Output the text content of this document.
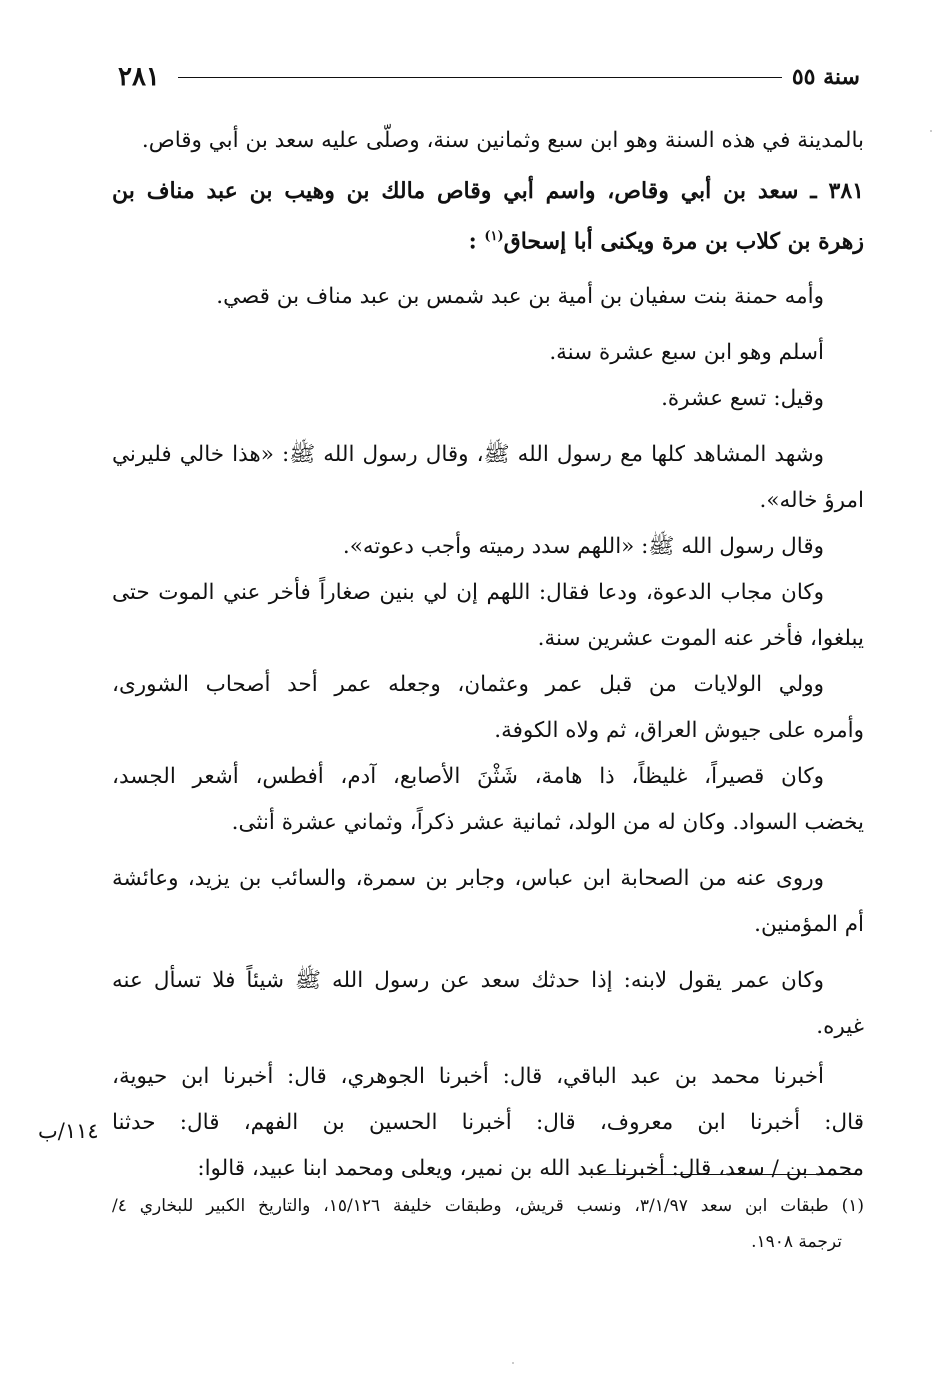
٢٨١	سنة ٥٥
بالمدينة في هذه السنة وهو ابن سبع وثمانين سنة، وصلّى عليه سعد بن أبي وقاص.
٣٨١ ـ سعد بن أبي وقاص، واسم أبي وقاص مالك بن وهيب بن عبد مناف بن
زهرة بن كلاب بن مرة ويكنى أبا إسحاق$^{(١)}$ :
وأمه حمنة بنت سفيان بن أمية بن عبد شمس بن عبد مناف بن قصي.
أسلم وهو ابن سبع عشرة سنة.
وقيل: تسع عشرة.
وشهد المشاهد كلها مع رسول الله ﷺ، وقال رسول الله ﷺ: «هذا خالي فليرني
امرؤ خاله».
وقال رسول الله ﷺ: «اللهم سدد رميته وأجب دعوته».
وكان مجاب الدعوة، ودعا فقال: اللهم إن لي بنين صغاراً فأخر عني الموت حتى
يبلغوا، فأخر عنه الموت عشرين سنة.
وولي الولايات من قبل عمر وعثمان، وجعله عمر أحد أصحاب الشورى،
وأمره على جيوش العراق، ثم ولاه الكوفة.
وكان قصيراً، غليظاً، ذا هامة، شَثْنَ الأصابع، آدم، أفطس، أشعر الجسد،
يخضب السواد. وكان له من الولد، ثمانية عشر ذكراً، وثماني عشرة أنثى.
وروى عنه من الصحابة ابن عباس، وجابر بن سمرة، والسائب بن يزيد، وعائشة
أم المؤمنين.
وكان عمر يقول لابنه: إذا حدثك سعد عن رسول الله ﷺ شيئاً فلا تسأل عنه
غيره.
أخبرنا محمد بن عبد الباقي، قال: أخبرنا الجوهري، قال: أخبرنا ابن حيوية،
قال: أخبرنا ابن معروف، قال: أخبرنا الحسين بن الفهم، قال: حدثنا
محمد بن / سعد، قال: أخبرنا عبد الله بن نمير، ويعلى ومحمد ابنا عبيد، قالوا:
١١٤/ب
(١) طبقات ابن سعد ٣/١/٩٧، ونسب قريش، وطبقات خليفة ١٥/١٢٦، والتاريخ الكبير للبخاري ٤/
ترجمة ١٩٠٨.
